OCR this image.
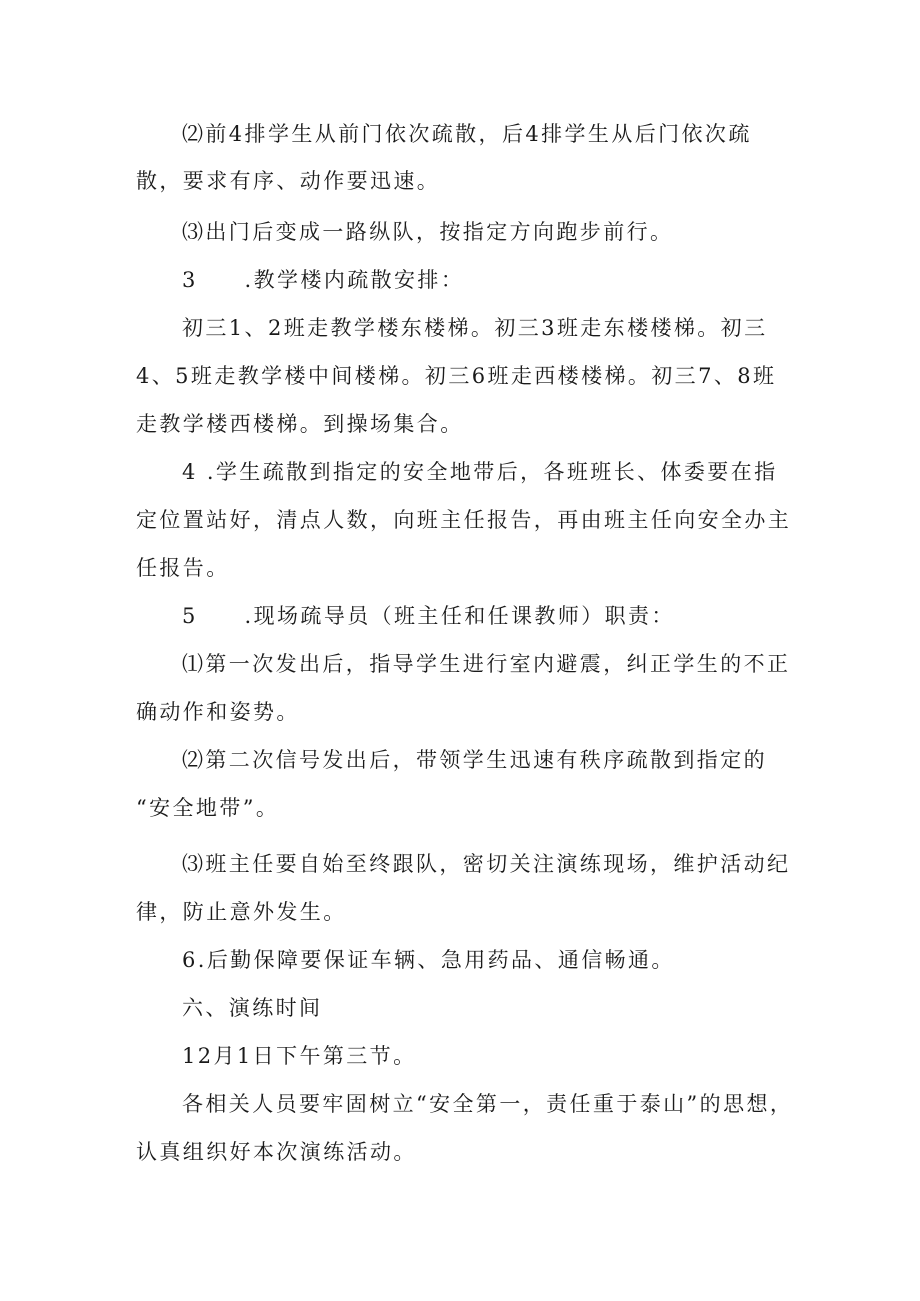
⑵前4排学生从前门依次疏散，后4排学生从后门依次疏
散，要求有序、动作要迅速。
⑶出门后变成一路纵队，按指定方向跑步前行。
3　　.教学楼内疏散安排：
初三1、2班走教学楼东楼梯。初三3班走东楼楼梯。初三
4、5班走教学楼中间楼梯。初三6班走西楼楼梯。初三7、8班
走教学楼西楼梯。到操场集合。
4 .学生疏散到指定的安全地带后，各班班长、体委要在指
定位置站好，清点人数，向班主任报告，再由班主任向安全办主
任报告。
5　　.现场疏导员（班主任和任课教师）职责：
⑴第一次发出后，指导学生进行室内避震，纠正学生的不正
确动作和姿势。
⑵第二次信号发出后，带领学生迅速有秩序疏散到指定的
“安全地带”。
⑶班主任要自始至终跟队，密切关注演练现场，维护活动纪
律，防止意外发生。
6.后勤保障要保证车辆、急用药品、通信畅通。
六、演练时间
12月1日下午第三节。
各相关人员要牢固树立“安全第一，责任重于泰山”的思想，
认真组织好本次演练活动。
